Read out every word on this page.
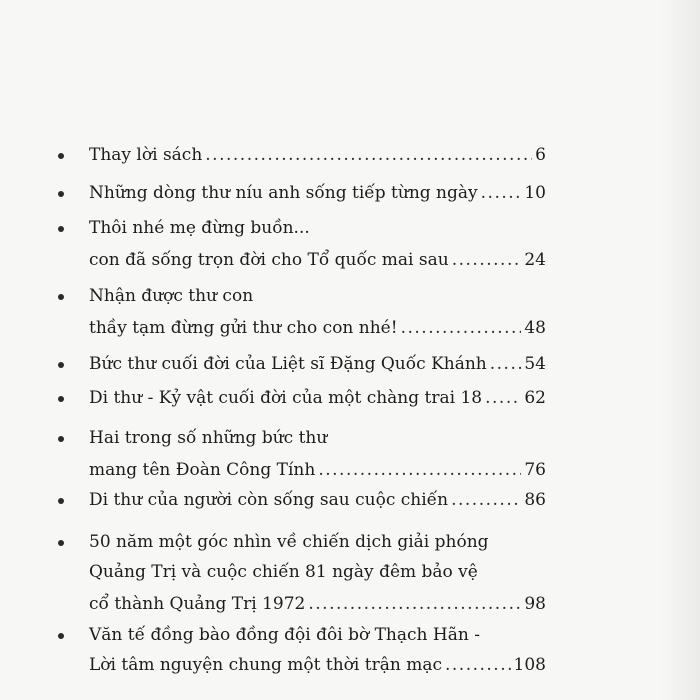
Thay lời sách .....	6
Những dòng thư níu anh sống tiếp từng ngày .....	10
Thôi nhé mẹ đừng buồn...
con đã sống trọn đời cho Tổ quốc mai sau .....	24
Nhận được thư con
thầy tạm đừng gửi thư cho con nhé! .....	48
Bức thư cuối đời của Liệt sĩ Đặng Quốc Khánh ..... 54
Di thư - Kỷ vật cuối đời của một chàng trai 18 ..... 62
Hai trong số những bức thư
mang tên Đoàn Công Tính .....	76
Di thư của người còn sống sau cuộc chiến .....	86
50 năm một góc nhìn về chiến dịch giải phóng
Quảng Trị và cuộc chiến 81 ngày đêm bảo vệ
cổ thành Quảng Trị 1972 .....	98
Văn tế đồng bào đồng đội đôi bờ Thạch Hãn -
Lời tâm nguyện chung một thời trận mạc .....	108
